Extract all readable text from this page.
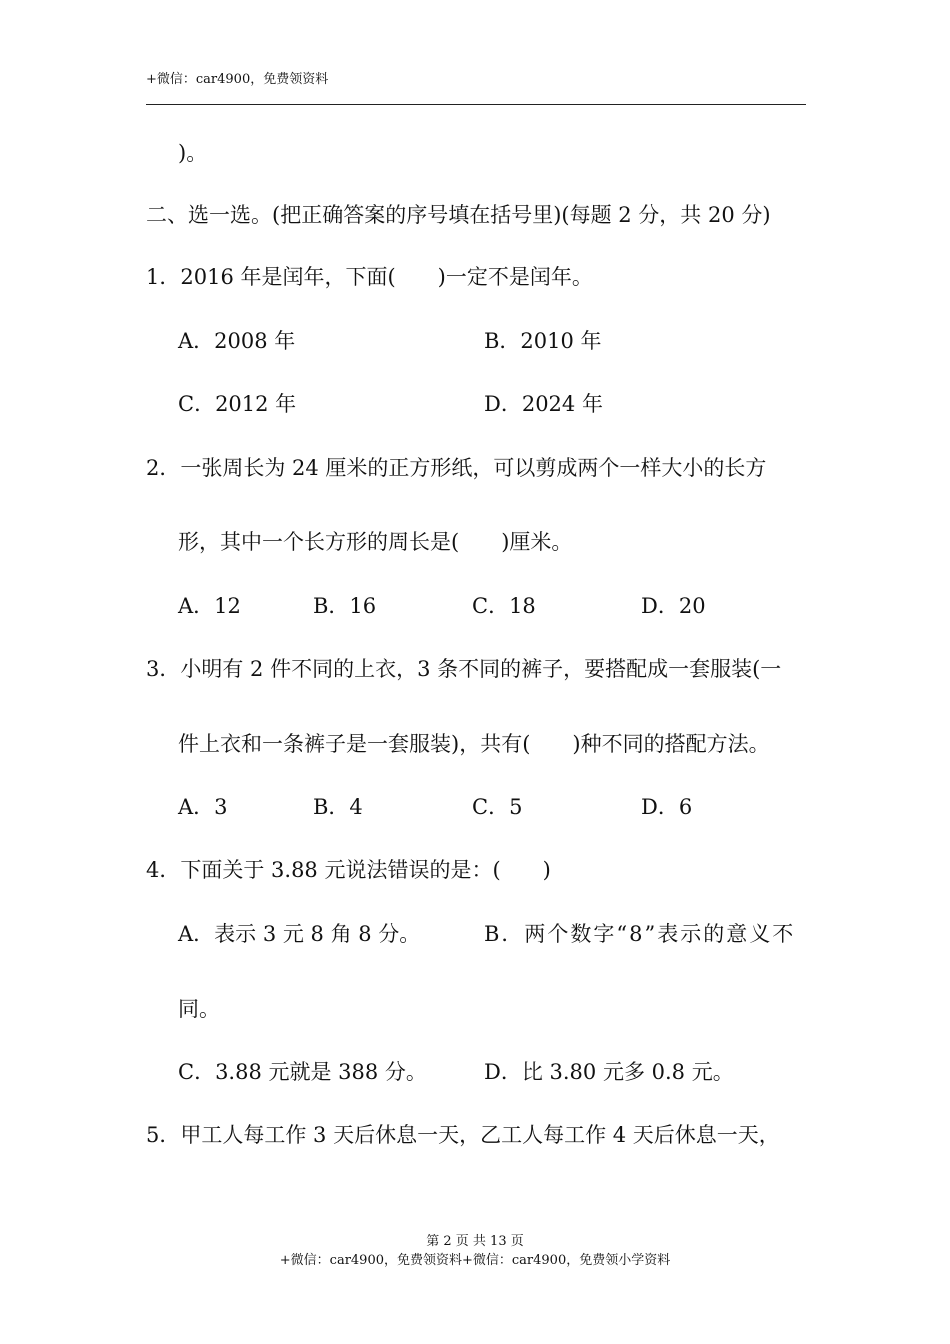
+微信：car4900，免费领资料
)。
二、选一选。(把正确答案的序号填在括号里)(每题 2 分，共 20 分)
1．2016 年是闰年，下面(　　)一定不是闰年。
A．2008 年	B．2010 年
C．2012 年	D．2024 年
2．一张周长为 24 厘米的正方形纸，可以剪成两个一样大小的长方
形，其中一个长方形的周长是(　　)厘米。
A．12	B．16	C．18	D．20
3．小明有 2 件不同的上衣，3 条不同的裤子，要搭配成一套服装(一
件上衣和一条裤子是一套服装)，共有(　　)种不同的搭配方法。
A．3	B．4	C．5	D．6
4．下面关于 3.88 元说法错误的是：(　　)
A．表示 3 元 8 角 8 分。	B．两个数字“8”表示的意义不
同。
C．3.88 元就是 388 分。	D．比 3.80 元多 0.8 元。
5．甲工人每工作 3 天后休息一天，乙工人每工作 4 天后休息一天，
第 2 页 共 13 页
+微信：car4900，免费领资料+微信：car4900，免费领小学资料
